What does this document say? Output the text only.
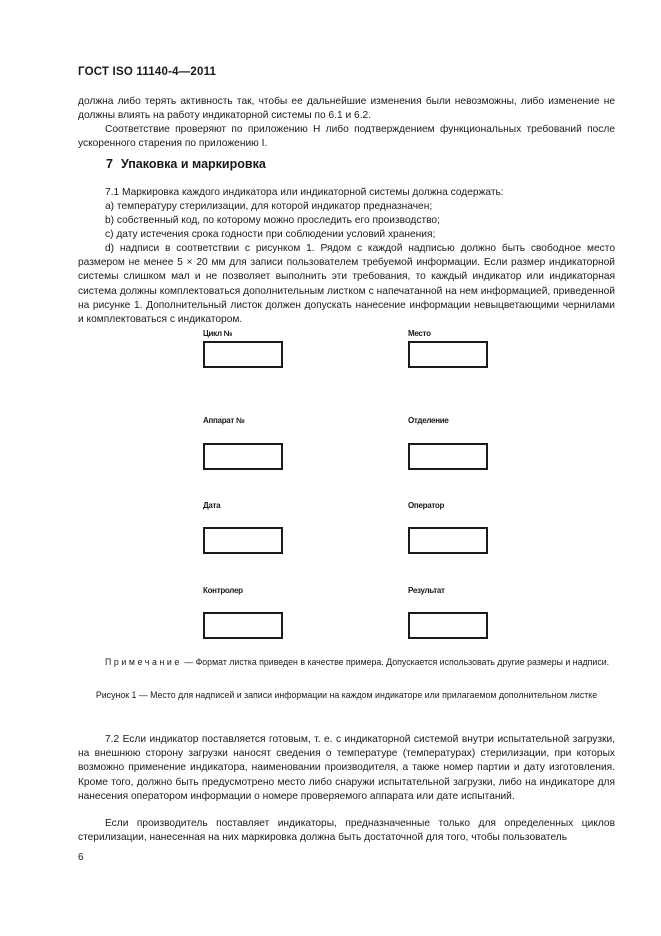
ГОСТ ISO 11140-4—2011

должна либо терять активность так, чтобы ее дальнейшие изменения были невозможны, либо изменение не должны влиять на работу индикаторной системы по 6.1 и 6.2.

Соответствие проверяют по приложению Н либо подтверждением функциональных требований после ускоренного старения по приложению I.

7 Упаковка и маркировка

7.1 Маркировка каждого индикатора или индикаторной системы должна содержать:

a) температуру стерилизации, для которой индикатор предназначен;

b) собственный код, по которому можно проследить его производство;

c) дату истечения срока годности при соблюдении условий хранения;

d) надписи в соответствии с рисунком 1. Рядом с каждой надписью должно быть свободное место размером не менее 5 × 20 мм для записи пользователем требуемой информации. Если размер индикаторной системы слишком мал и не позволяет выполнить эти требования, то каждый индикатор или индикаторная система должны комплектоваться дополнительным листком с напечатанной на нем информацией, приведенной на рисунке 1. Дополнительный листок должен допускать нанесение информации невыцветающими чернилами и комплектоваться с индикатором.

Цикл №	Место
Аппарат №	Отделение
Дата	Оператор
Контролер	Результат

Примечание — Формат листка приведен в качестве примера. Допускается использовать другие размеры и надписи.

Рисунок 1 — Место для надписей и записи информации на каждом индикаторе или прилагаемом дополнительном листке

7.2 Если индикатор поставляется готовым, т. е. с индикаторной системой внутри испытательной загрузки, на внешнюю сторону загрузки наносят сведения о температуре (температурах) стерилизации, при которых возможно применение индикатора, наименовании производителя, а также номер партии и дату изготовления. Кроме того, должно быть предусмотрено место либо снаружи испытательной загрузки, либо на индикаторе для нанесения оператором информации о номере проверяемого аппарата или дате испытаний.

Если производитель поставляет индикаторы, предназначенные только для определенных циклов стерилизации, нанесенная на них маркировка должна быть достаточной для того, чтобы пользователь

6
